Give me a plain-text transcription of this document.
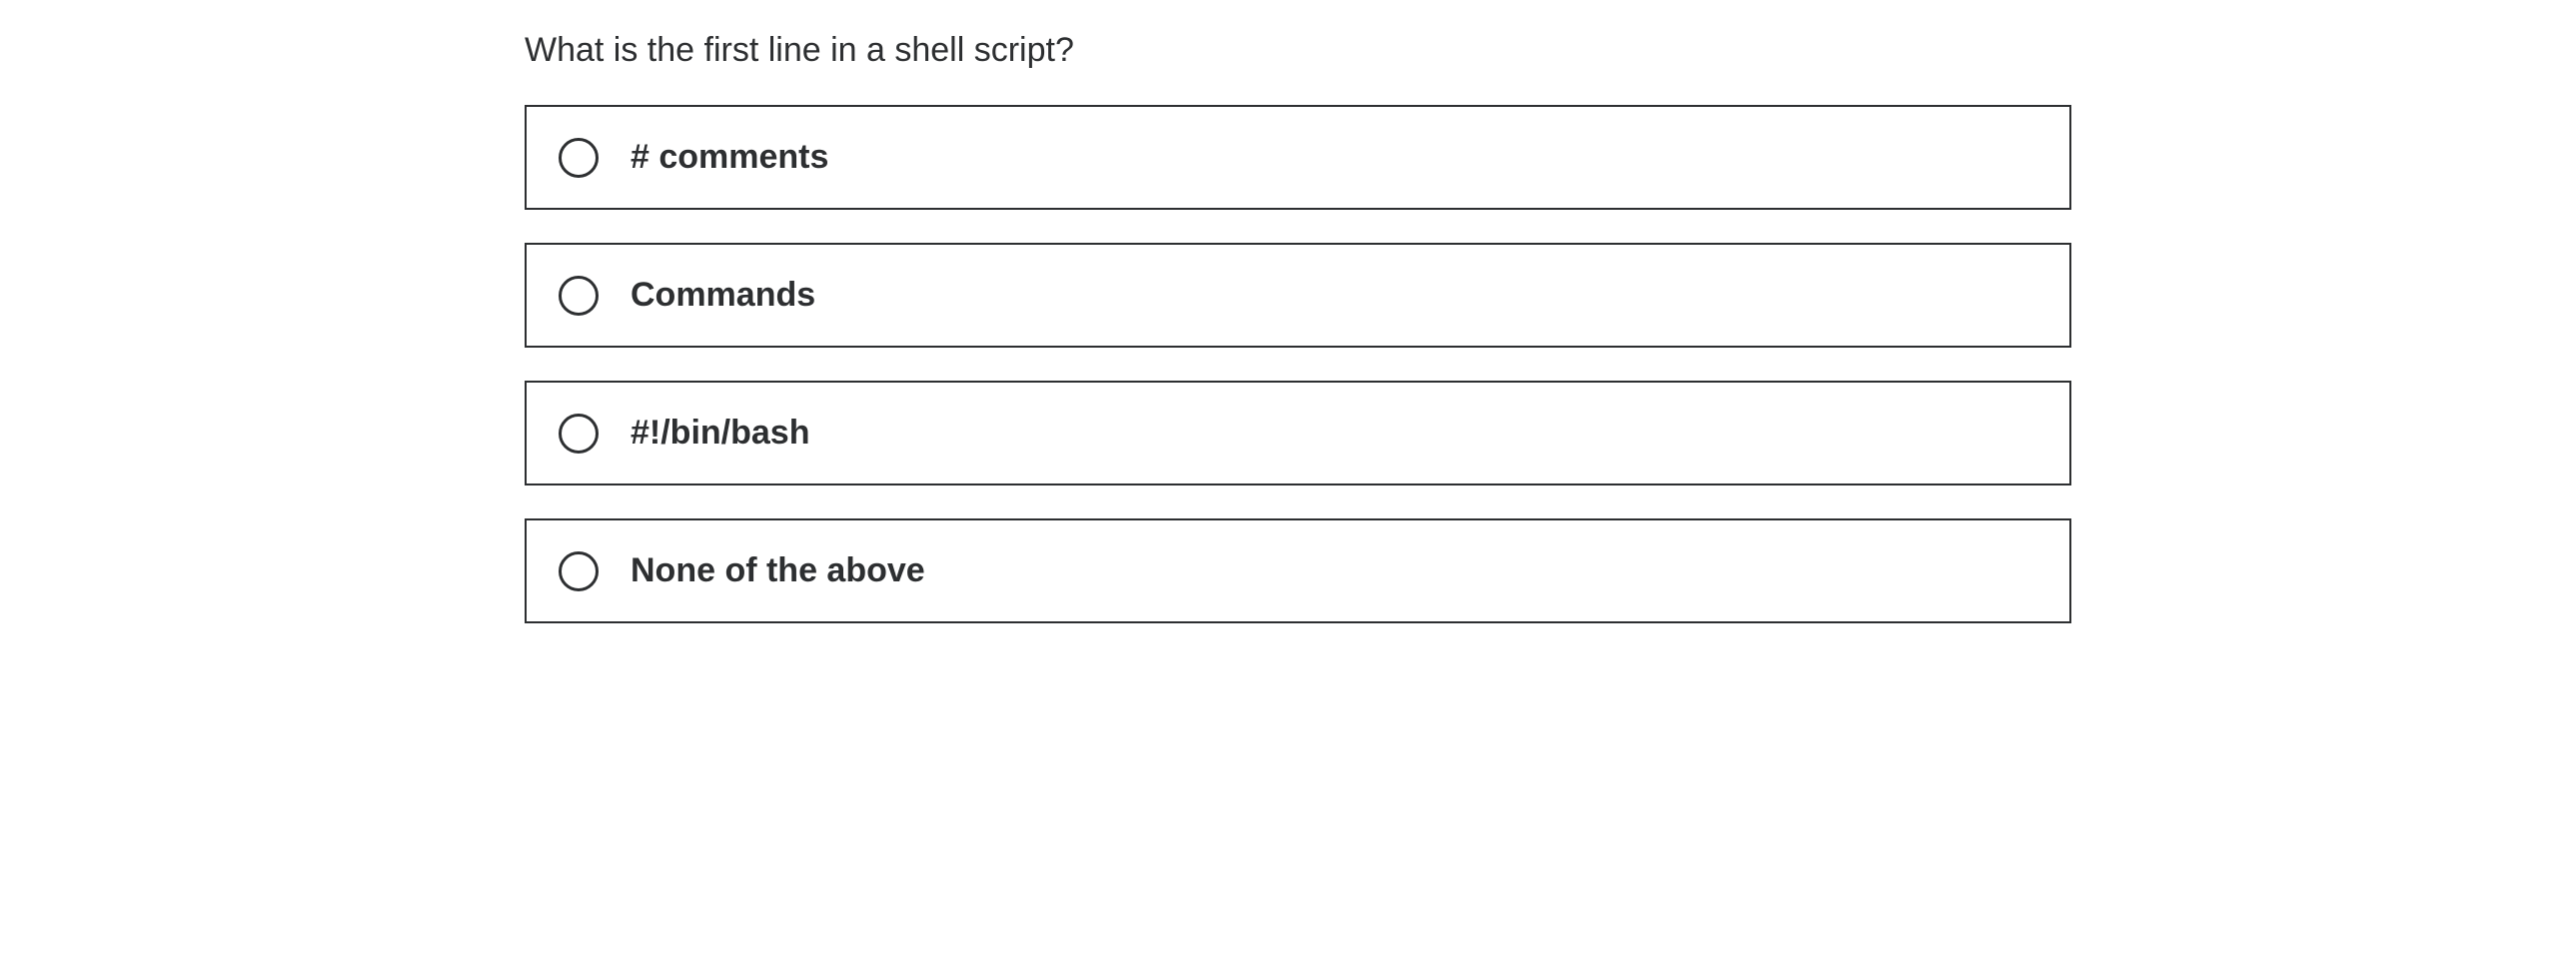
What is the first line in a shell script?
# comments
Commands
#!/bin/bash
None of the above
